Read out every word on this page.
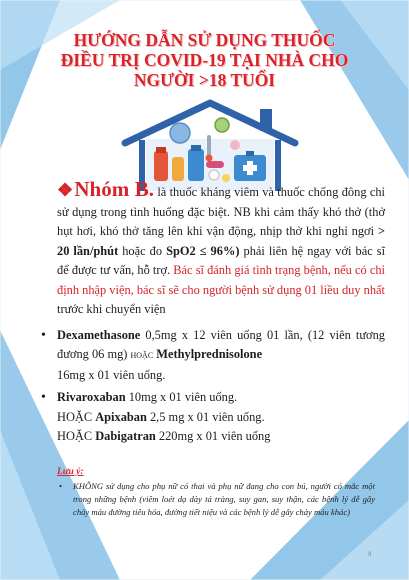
HƯỚNG DẪN SỬ DỤNG THUỐC
ĐIỀU TRỊ COVID-19 TẠI NHÀ CHO
NGƯỜI >18 TUỔI
❖Nhóm B. là thuốc kháng viêm và thuốc chống đông chỉ sử dụng trong tình huống đặc biệt. NB khi cảm thấy khó thở (thở hụt hơi, khó thở tăng lên khi vận động, nhịp thở khi nghỉ ngơi > 20 lần/phút hoặc đo SpO2 ≤ 96%) phải liên hệ ngay với bác sĩ để được tư vấn, hỗ trợ. Bác sĩ đánh giá tình trạng bệnh, nếu có chỉ định nhập viện, bác sĩ sẽ cho người bệnh sử dụng 01 liều duy nhất trước khi chuyển viện
• Dexamethasone 0,5mg x 12 viên uống 01 lần, (12 viên tương đương 06 mg) hoặc Methylprednisolone
16mg x 01 viên uống.
• Rivaroxaban 10mg x 01 viên uống.
HOẶC Apixaban 2,5 mg x 01 viên uống.
HOẶC Dabigatran 220mg x 01 viên uống
Lưu ý:
• KHÔNG sử dụng cho phụ nữ có thai và phụ nữ đang cho con bú, người có mắc một trong những bệnh (viêm loét dạ dày tá tràng, suy gan, suy thận, các bệnh lý dễ gây chảy máu đường tiêu hóa, đường tiết niệu và các bệnh lý dễ gây chảy máu khác)
9
